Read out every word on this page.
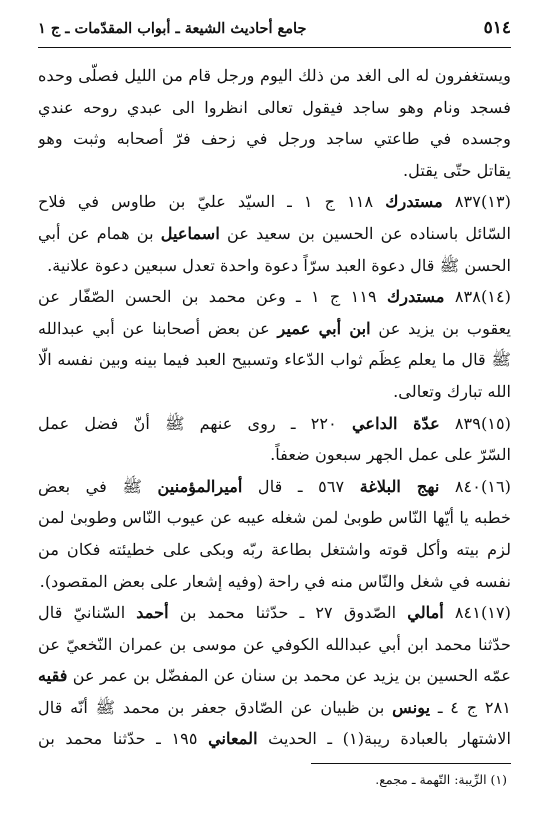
٥١٤
جامع أحاديث الشيعة ـ أبواب المقدّمات ـ ج ١
ويستغفرون له الى الغد من ذلك اليوم ورجل قام من الليل فصلّى وحده
فسجد ونام وهو ساجد فيقول تعالى انظروا الى عبدي روحه عندي
وجسده في طاعتي ساجد ورجل في زحف فرّ أصحابه وثبت وهو
يقاتل حتّى يقتل.
(١٣)٨٣٧ مستدرك ١١٨ ج ١ ـ السيّد عليّ بن طاوس في فلاح
السّائل باسناده عن الحسين بن سعيد عن اسماعيل بن همام عن أبي
الحسن ﷺ قال دعوة العبد سرّاً دعوة واحدة تعدل سبعين دعوة علانية.
(١٤)٨٣٨ مستدرك ١١٩ ج ١ ـ وعن محمد بن الحسن الصّفّار عن
يعقوب بن يزيد عن ابن أبي عمير عن بعض أصحابنا عن أبي عبدالله
ﷺ قال ما يعلم عِظَم ثواب الدّعاء وتسبيح العبد فيما بينه وبين نفسه الّا
الله تبارك وتعالى.
(١٥)٨٣٩ عدّة الداعي ٢٢٠ ـ روى عنهم ﷺ أنّ فضل عمل
السّرّ على عمل الجهر سبعون ضعفاً.
(١٦)٨٤٠ نهج البلاغة ٥٦٧ ـ قال أميرالمؤمنين ﷺ في بعض
خطبه يا أيّها النّاس طوبىٰ لمن شغله عيبه عن عيوب النّاس وطوبىٰ لمن
لزم بيته وأكل قوته واشتغل بطاعة ربّه وبكى على خطيئته فكان من
نفسه في شغل والنّاس منه في راحة (وفيه إشعار على بعض المقصود).
(١٧)٨٤١ أمالي الصّدوق ٢٧ ـ حدّثنا محمد بن أحمد السّنانيّ قال
حدّثنا محمد ابن أبي عبدالله الكوفي عن موسى بن عمران النّخعيّ عن
عمّه الحسين بن يزيد عن محمد بن سنان عن المفضّل بن عمر عن فقيه
٢٨١ ج ٤ ـ يونس بن ظبيان عن الصّادق جعفر بن محمد ﷺ أنّه قال
الاشتهار بالعبادة ريبة(١) ـ الحديث المعاني ١٩٥ ـ حدّثنا محمد بن
(١) الرِّيبة: التّهمة ـ مجمع.
